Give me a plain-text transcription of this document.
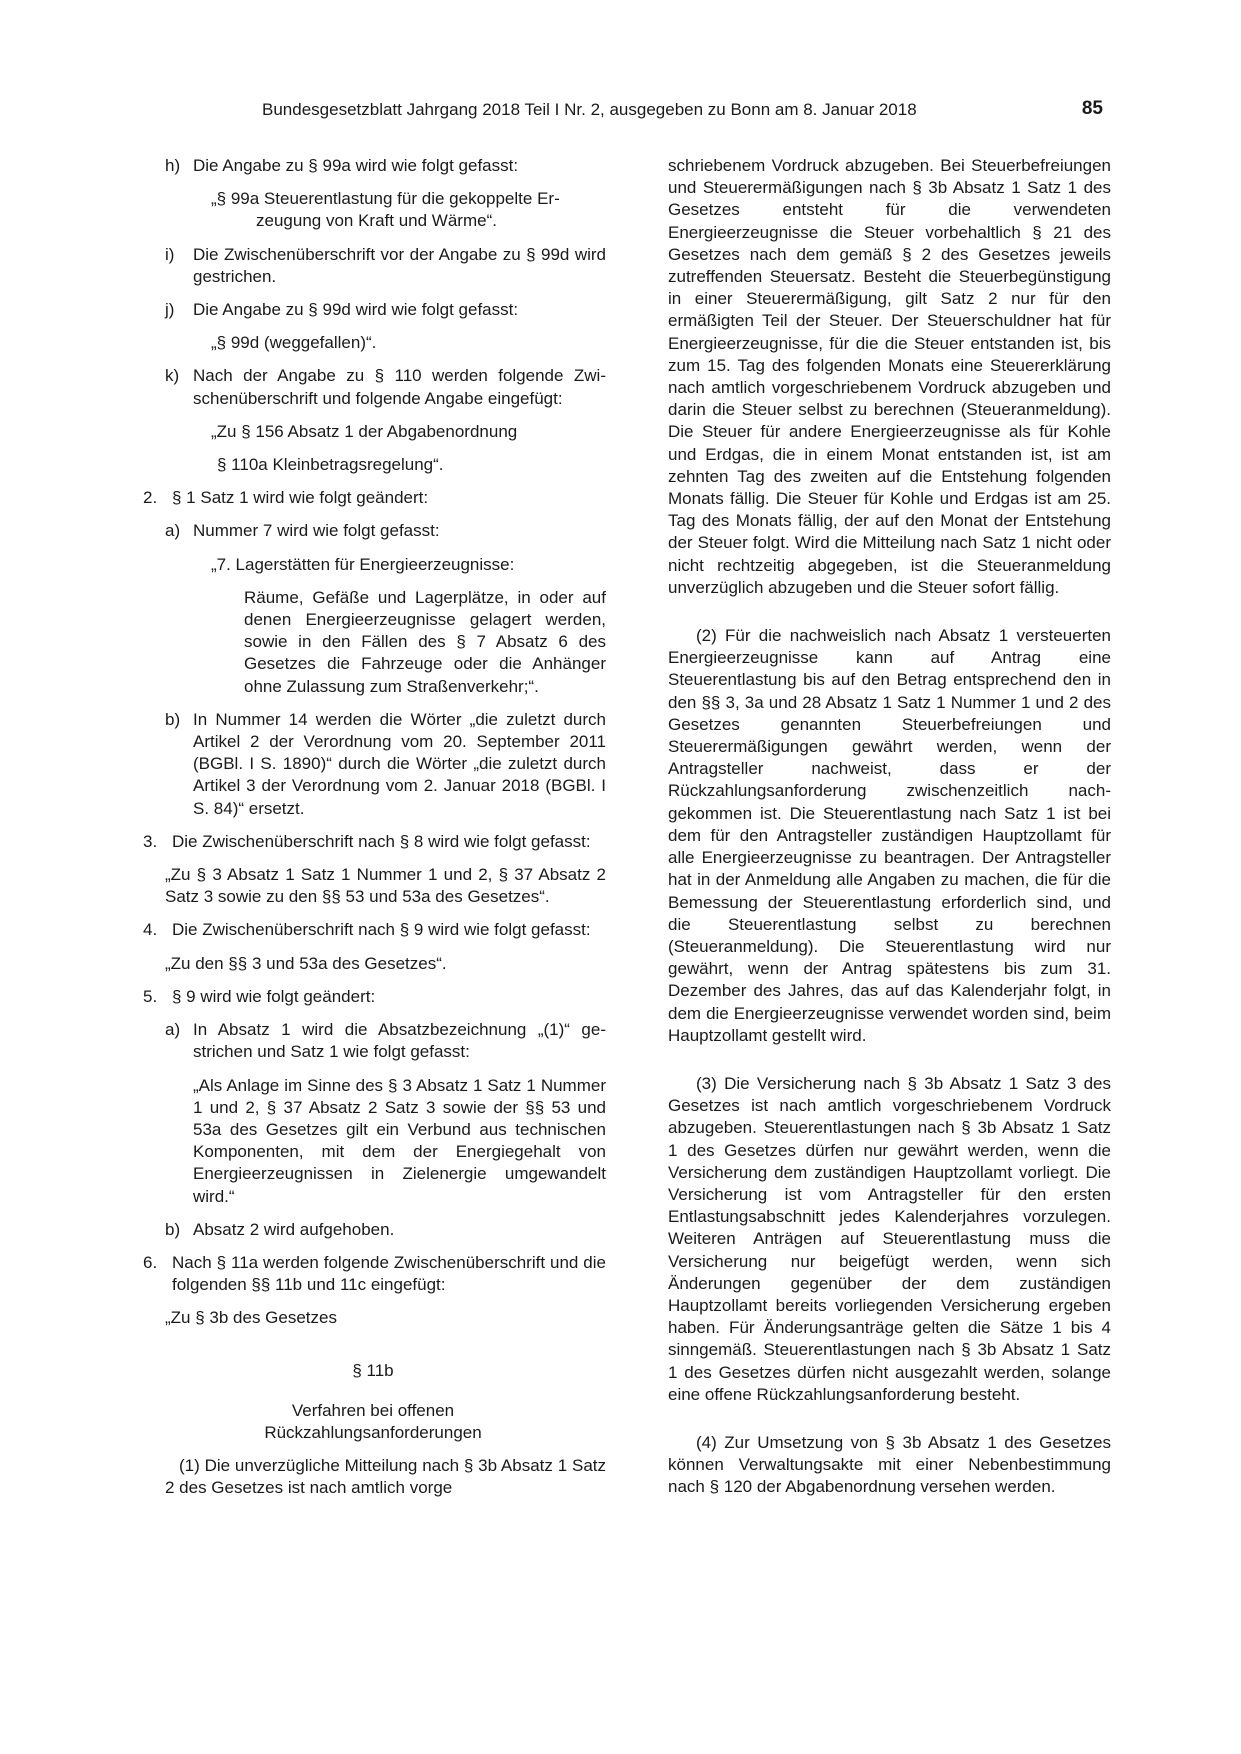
Bundesgesetzblatt Jahrgang 2018 Teil I Nr. 2, ausgegeben zu Bonn am 8. Januar 2018	85

h) Die Angabe zu § 99a wird wie folgt gefasst:

„§ 99a Steuerentlastung für die gekoppelte Er-
zeugung von Kraft und Wärme“.

i) Die Zwischenüberschrift vor der Angabe zu § 99d wird gestrichen.

j) Die Angabe zu § 99d wird wie folgt gefasst:

„§ 99d (weggefallen)“.

k) Nach der Angabe zu § 110 werden folgende Zwischenüberschrift und folgende Angabe eingefügt:

„Zu § 156 Absatz 1 der Abgabenordnung

§ 110a Kleinbetragsregelung“.

2. § 1 Satz 1 wird wie folgt geändert:

a) Nummer 7 wird wie folgt gefasst:

„7. Lagerstätten für Energieerzeugnisse:

Räume, Gefäße und Lagerplätze, in oder auf denen Energieerzeugnisse gelagert werden, sowie in den Fällen des § 7 Absatz 6 des Gesetzes die Fahrzeuge oder die Anhänger ohne Zulassung zum Straßenverkehr;“.

b) In Nummer 14 werden die Wörter „die zuletzt durch Artikel 2 der Verordnung vom 20. September 2011 (BGBl. I S. 1890)“ durch die Wörter „die zuletzt durch Artikel 3 der Verordnung vom 2. Januar 2018 (BGBl. I S. 84)“ ersetzt.

3. Die Zwischenüberschrift nach § 8 wird wie folgt gefasst:

„Zu § 3 Absatz 1 Satz 1 Nummer 1 und 2, § 37 Absatz 2 Satz 3 sowie zu den §§ 53 und 53a des Gesetzes“.

4. Die Zwischenüberschrift nach § 9 wird wie folgt gefasst:

„Zu den §§ 3 und 53a des Gesetzes“.

5. § 9 wird wie folgt geändert:

a) In Absatz 1 wird die Absatzbezeichnung „(1)“ gestrichen und Satz 1 wie folgt gefasst:

„Als Anlage im Sinne des § 3 Absatz 1 Satz 1 Nummer 1 und 2, § 37 Absatz 2 Satz 3 sowie der §§ 53 und 53a des Gesetzes gilt ein Verbund aus technischen Komponenten, mit dem der Energiegehalt von Energieerzeugnissen in Zielenergie umgewandelt wird.“

b) Absatz 2 wird aufgehoben.

6. Nach § 11a werden folgende Zwischenüberschrift und die folgenden §§ 11b und 11c eingefügt:

„Zu § 3b des Gesetzes

§ 11b

Verfahren bei offenen

Rückzahlungsanforderungen

(1) Die unverzügliche Mitteilung nach § 3b Absatz 1 Satz 2 des Gesetzes ist nach amtlich vorge

schriebenem Vordruck abzugeben. Bei Steuerbefreiungen und Steuerermäßigungen nach § 3b Absatz 1 Satz 1 des Gesetzes entsteht für die verwendeten Energieerzeugnisse die Steuer vorbehaltlich § 21 des Gesetzes nach dem gemäß § 2 des Gesetzes jeweils zutreffenden Steuersatz. Besteht die Steuerbegünstigung in einer Steuerermäßigung, gilt Satz 2 nur für den ermäßigten Teil der Steuer. Der Steuerschuldner hat für Energieerzeugnisse, für die die Steuer entstanden ist, bis zum 15. Tag des folgenden Monats eine Steuererklärung nach amtlich vorgeschriebenem Vordruck abzugeben und darin die Steuer selbst zu berechnen (Steueranmeldung). Die Steuer für andere Energieerzeugnisse als für Kohle und Erdgas, die in einem Monat entstanden ist, ist am zehnten Tag des zweiten auf die Entstehung folgenden Monats fällig. Die Steuer für Kohle und Erdgas ist am 25. Tag des Monats fällig, der auf den Monat der Entstehung der Steuer folgt. Wird die Mitteilung nach Satz 1 nicht oder nicht rechtzeitig abgegeben, ist die Steueranmeldung unverzüglich abzugeben und die Steuer sofort fällig.

(2) Für die nachweislich nach Absatz 1 versteuerten Energieerzeugnisse kann auf Antrag eine Steuerentlastung bis auf den Betrag entsprechend den in den §§ 3, 3a und 28 Absatz 1 Satz 1 Nummer 1 und 2 des Gesetzes genannten Steuerbefreiungen und Steuerermäßigungen gewährt werden, wenn der Antragsteller nachweist, dass er der Rückzahlungsanforderung zwischenzeitlich nachgekommen ist. Die Steuerentlastung nach Satz 1 ist bei dem für den Antragsteller zuständigen Hauptzollamt für alle Energieerzeugnisse zu beantragen. Der Antragsteller hat in der Anmeldung alle Angaben zu machen, die für die Bemessung der Steuerentlastung erforderlich sind, und die Steuerentlastung selbst zu berechnen (Steueranmeldung). Die Steuerentlastung wird nur gewährt, wenn der Antrag spätestens bis zum 31. Dezember des Jahres, das auf das Kalenderjahr folgt, in dem die Energieerzeugnisse verwendet worden sind, beim Hauptzollamt gestellt wird.

(3) Die Versicherung nach § 3b Absatz 1 Satz 3 des Gesetzes ist nach amtlich vorgeschriebenem Vordruck abzugeben. Steuerentlastungen nach § 3b Absatz 1 Satz 1 des Gesetzes dürfen nur gewährt werden, wenn die Versicherung dem zuständigen Hauptzollamt vorliegt. Die Versicherung ist vom Antragsteller für den ersten Entlastungsabschnitt jedes Kalenderjahres vorzulegen. Weiteren Anträgen auf Steuerentlastung muss die Versicherung nur beigefügt werden, wenn sich Änderungen gegenüber der dem zuständigen Hauptzollamt bereits vorliegenden Versicherung ergeben haben. Für Änderungsanträge gelten die Sätze 1 bis 4 sinngemäß. Steuerentlastungen nach § 3b Absatz 1 Satz 1 des Gesetzes dürfen nicht ausgezahlt werden, solange eine offene Rückzahlungsanforderung besteht.

(4) Zur Umsetzung von § 3b Absatz 1 des Gesetzes können Verwaltungsakte mit einer Nebenbestimmung nach § 120 der Abgabenordnung versehen werden.
